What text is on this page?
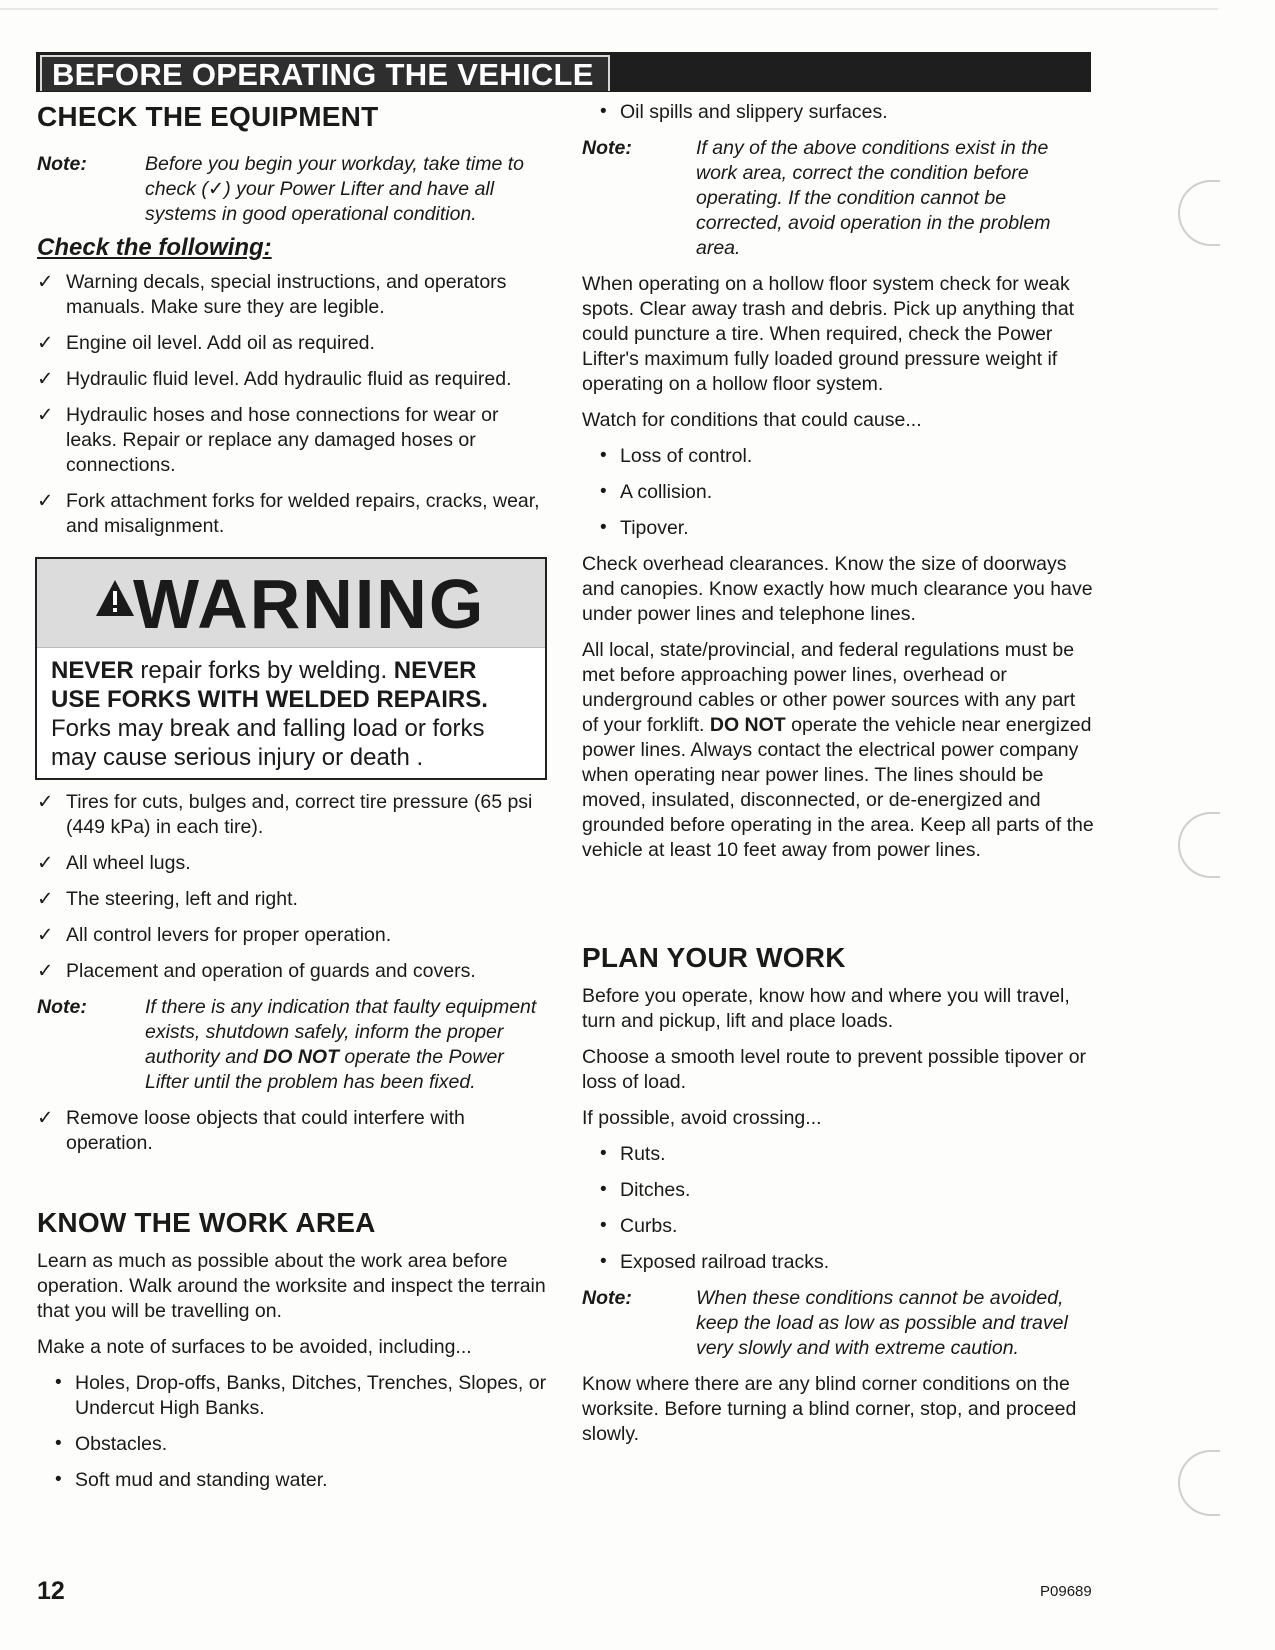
BEFORE OPERATING THE VEHICLE
CHECK THE EQUIPMENT
Note:	Before you begin your workday, take time to check (✓) your Power Lifter and have all systems in good operational condition.
Check the following:
✓ Warning decals, special instructions, and operators manuals. Make sure they are legible.
✓ Engine oil level. Add oil as required.
✓ Hydraulic fluid level. Add hydraulic fluid as required.
✓ Hydraulic hoses and hose connections for wear or leaks. Repair or replace any damaged hoses or connections.
✓ Fork attachment forks for welded repairs, cracks, wear, and misalignment.
WARNING
NEVER repair forks by welding. NEVER USE FORKS WITH WELDED REPAIRS. Forks may break and falling load or forks may cause serious injury or death .
✓ Tires for cuts, bulges and, correct tire pressure (65 psi (449 kPa) in each tire).
✓ All wheel lugs.
✓ The steering, left and right.
✓ All control levers for proper operation.
✓ Placement and operation of guards and covers.
Note:	If there is any indication that faulty equipment exists, shutdown safely, inform the proper authority and DO NOT operate the Power Lifter until the problem has been fixed.
✓ Remove loose objects that could interfere with operation.
KNOW THE WORK AREA

Learn as much as possible about the work area before operation. Walk around the worksite and inspect the terrain that you will be travelling on.

Make a note of surfaces to be avoided, including...

• Holes, Drop-offs, Banks, Ditches, Trenches, Slopes, or Undercut High Banks.
• Obstacles.
• Soft mud and standing water.
• Oil spills and slippery surfaces.
Note:	If any of the above conditions exist in the work area, correct the condition before operating. If the condition cannot be corrected, avoid operation in the problem area.

When operating on a hollow floor system check for weak spots. Clear away trash and debris. Pick up anything that could puncture a tire. When required, check the Power Lifter's maximum fully loaded ground pressure weight if operating on a hollow floor system.

Watch for conditions that could cause...

• Loss of control.
• A collision.
• Tipover.

Check overhead clearances. Know the size of doorways and canopies. Know exactly how much clearance you have under power lines and telephone lines.

All local, state/provincial, and federal regulations must be met before approaching power lines, overhead or underground cables or other power sources with any part of your forklift. DO NOT operate the vehicle near energized power lines. Always contact the electrical power company when operating near power lines. The lines should be moved, insulated, disconnected, or de-energized and grounded before operating in the area. Keep all parts of the vehicle at least 10 feet away from power lines.

PLAN YOUR WORK

Before you operate, know how and where you will travel, turn and pickup, lift and place loads.

Choose a smooth level route to prevent possible tipover or loss of load.

If possible, avoid crossing...

• Ruts.
• Ditches.
• Curbs.
• Exposed railroad tracks.
Note:	When these conditions cannot be avoided, keep the load as low as possible and travel very slowly and with extreme caution.

Know where there are any blind corner conditions on the worksite. Before turning a blind corner, stop, and proceed slowly.

12	P09689
